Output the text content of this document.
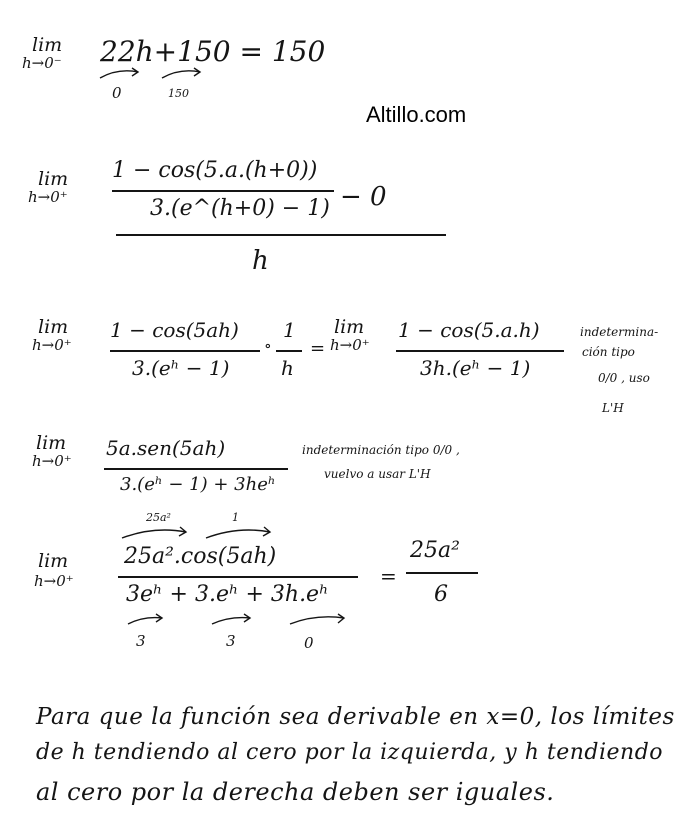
lim
h→0⁻ 22h+150 = 150
0	150
Altillo.com
lim
h→0⁺
1 − cos(5.a.(h+0))
3.(e^(h+0) − 1) − 0
h
lim
h→0⁺
1 − cos(5ah)
3.(eʰ − 1)
∘
1
h
=
lim
h→0⁺
1 − cos(5.a.h)
3h.(eʰ − 1)
indetermina-
ción tipo
0/0 , uso
L'H
lim
h→0⁺
5a.sen(5ah)
3.(eʰ − 1) + 3heʰ
indeterminación tipo 0/0 ,
vuelvo a usar L'H
25a²	1
lim
h→0⁺
25a².cos(5ah)
3eʰ + 3.eʰ + 3h.eʰ
3	3	0
=
25a²
6
Para que la función sea derivable en x=0, los límites
de h tendiendo al cero por la izquierda, y h tendiendo
al cero por la derecha deben ser iguales.
